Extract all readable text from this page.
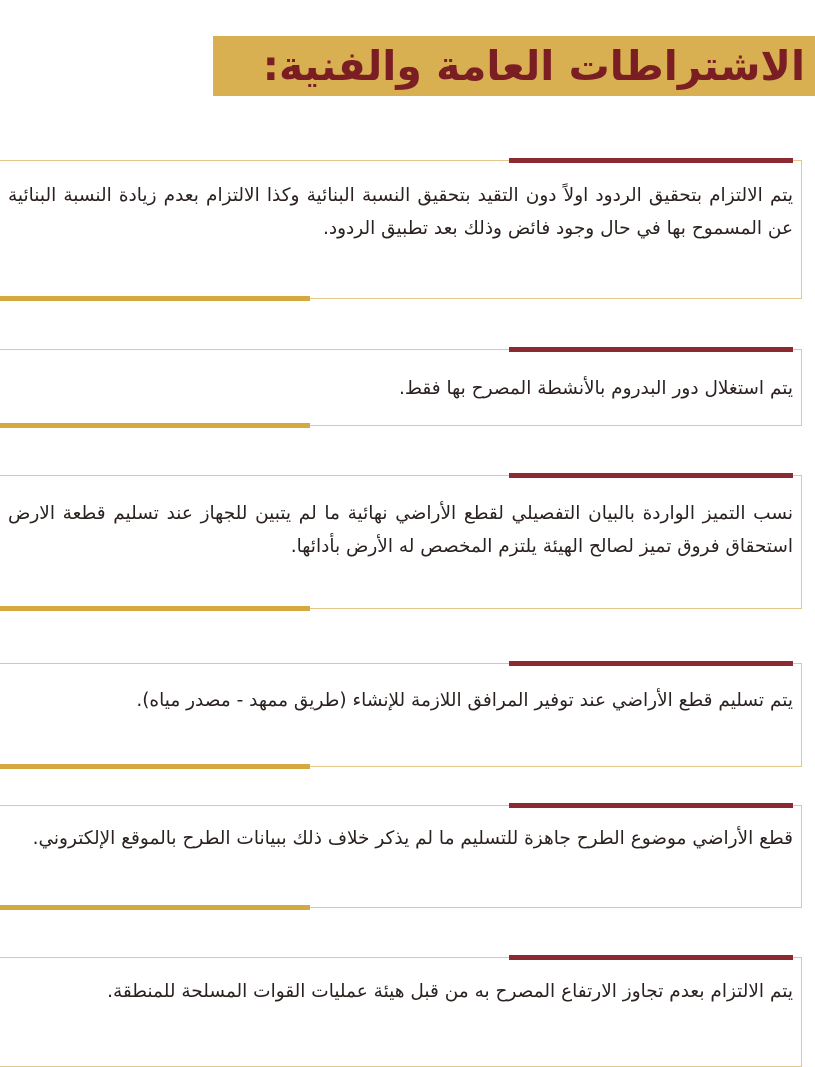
الاشتراطات العامة والفنية:

يتم الالتزام بتحقيق الردود اولاً دون التقيد بتحقيق النسبة البنائية وكذا الالتزام بعدم زيادة النسبة البنائية عن المسموح بها في حال وجود فائض وذلك بعد تطبيق الردود.

يتم استغلال دور البدروم بالأنشطة المصرح بها فقط.

نسب التميز الواردة بالبيان التفصيلي لقطع الأراضي نهائية ما لم يتبين للجهاز عند تسليم قطعة الارض استحقاق فروق تميز لصالح الهيئة يلتزم المخصص له الأرض بأدائها.

يتم تسليم قطع الأراضي عند توفير المرافق اللازمة للإنشاء (طريق ممهد - مصدر مياه).

قطع الأراضي موضوع الطرح جاهزة للتسليم ما لم يذكر خلاف ذلك ببيانات الطرح بالموقع الإلكتروني.

يتم الالتزام بعدم تجاوز الارتفاع المصرح به من قبل هيئة عمليات القوات المسلحة للمنطقة.
